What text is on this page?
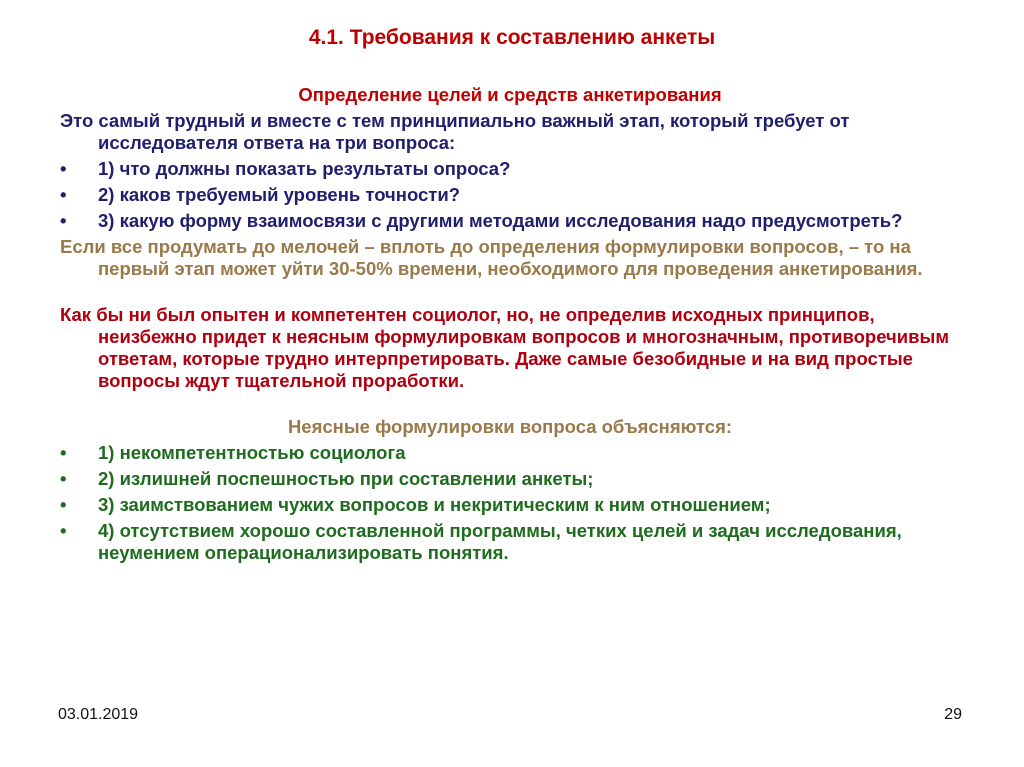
4.1. Требования к составлению анкеты
Определение целей и средств анкетирования

Это самый трудный и вместе с тем принципиально важный этап, который требует от исследователя ответа на три вопроса:

• 1) что должны показать результаты опроса?
• 2) каков требуемый уровень точности?
• 3) какую форму взаимосвязи с другими методами исследования надо предусмотреть?

Если все продумать до мелочей – вплоть до определения формулировки вопросов, – то на первый этап может уйти 30-50% времени, необходимого для проведения анкетирования.

Как бы ни был опытен и компетентен социолог, но, не определив исходных принципов, неизбежно придет к неясным формулировкам вопросов и многозначным, противоречивым ответам, которые трудно интерпретировать. Даже самые безобидные и на вид простые вопросы ждут тщательной проработки.

Неясные формулировки вопроса объясняются:
• 1) некомпетентностью социолога
• 2) излишней поспешностью при составлении анкеты;
• 3) заимствованием чужих вопросов и некритическим к ним отношением;
• 4) отсутствием хорошо составленной программы, четких целей и задач исследования, неумением операционализировать понятия.
03.01.2019	29
